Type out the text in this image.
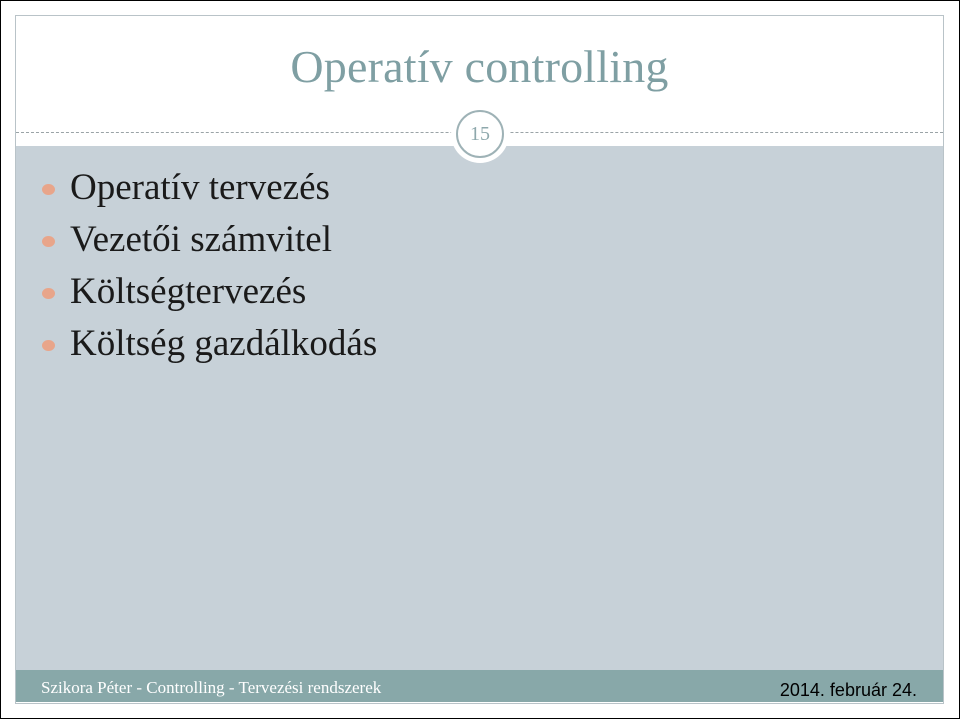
Operatív controlling
15
Operatív tervezés
Vezetői számvitel
Költségtervezés
Költség gazdálkodás
Szikora Péter - Controlling - Tervezési rendszerek	2014. február 24.
